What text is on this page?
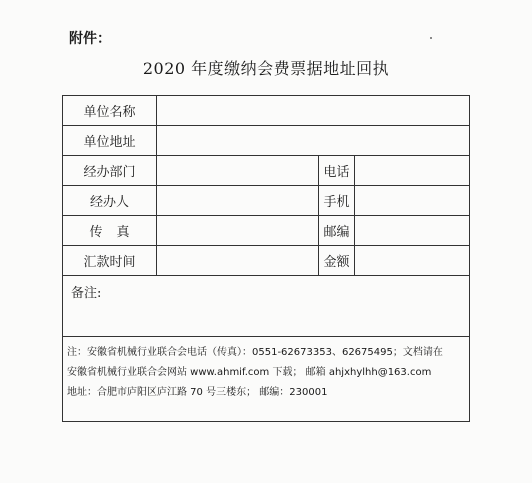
附件：
2020 年度缴纳会费票据地址回执
单位名称			
单位地址			
经办部门		电话	
经办人		手机	
传真		邮编	
汇款时间		金额	
备注:			

注：安徽省机械行业联合会电话（传真）：0551-62673353、62675495；文档请在
安徽省机械行业联合会网站 www.ahmif.com 下载； 邮箱 ahjxhylhh@163.com
地址：合肥市庐阳区庐江路 70 号三楼东； 邮编：230001			
